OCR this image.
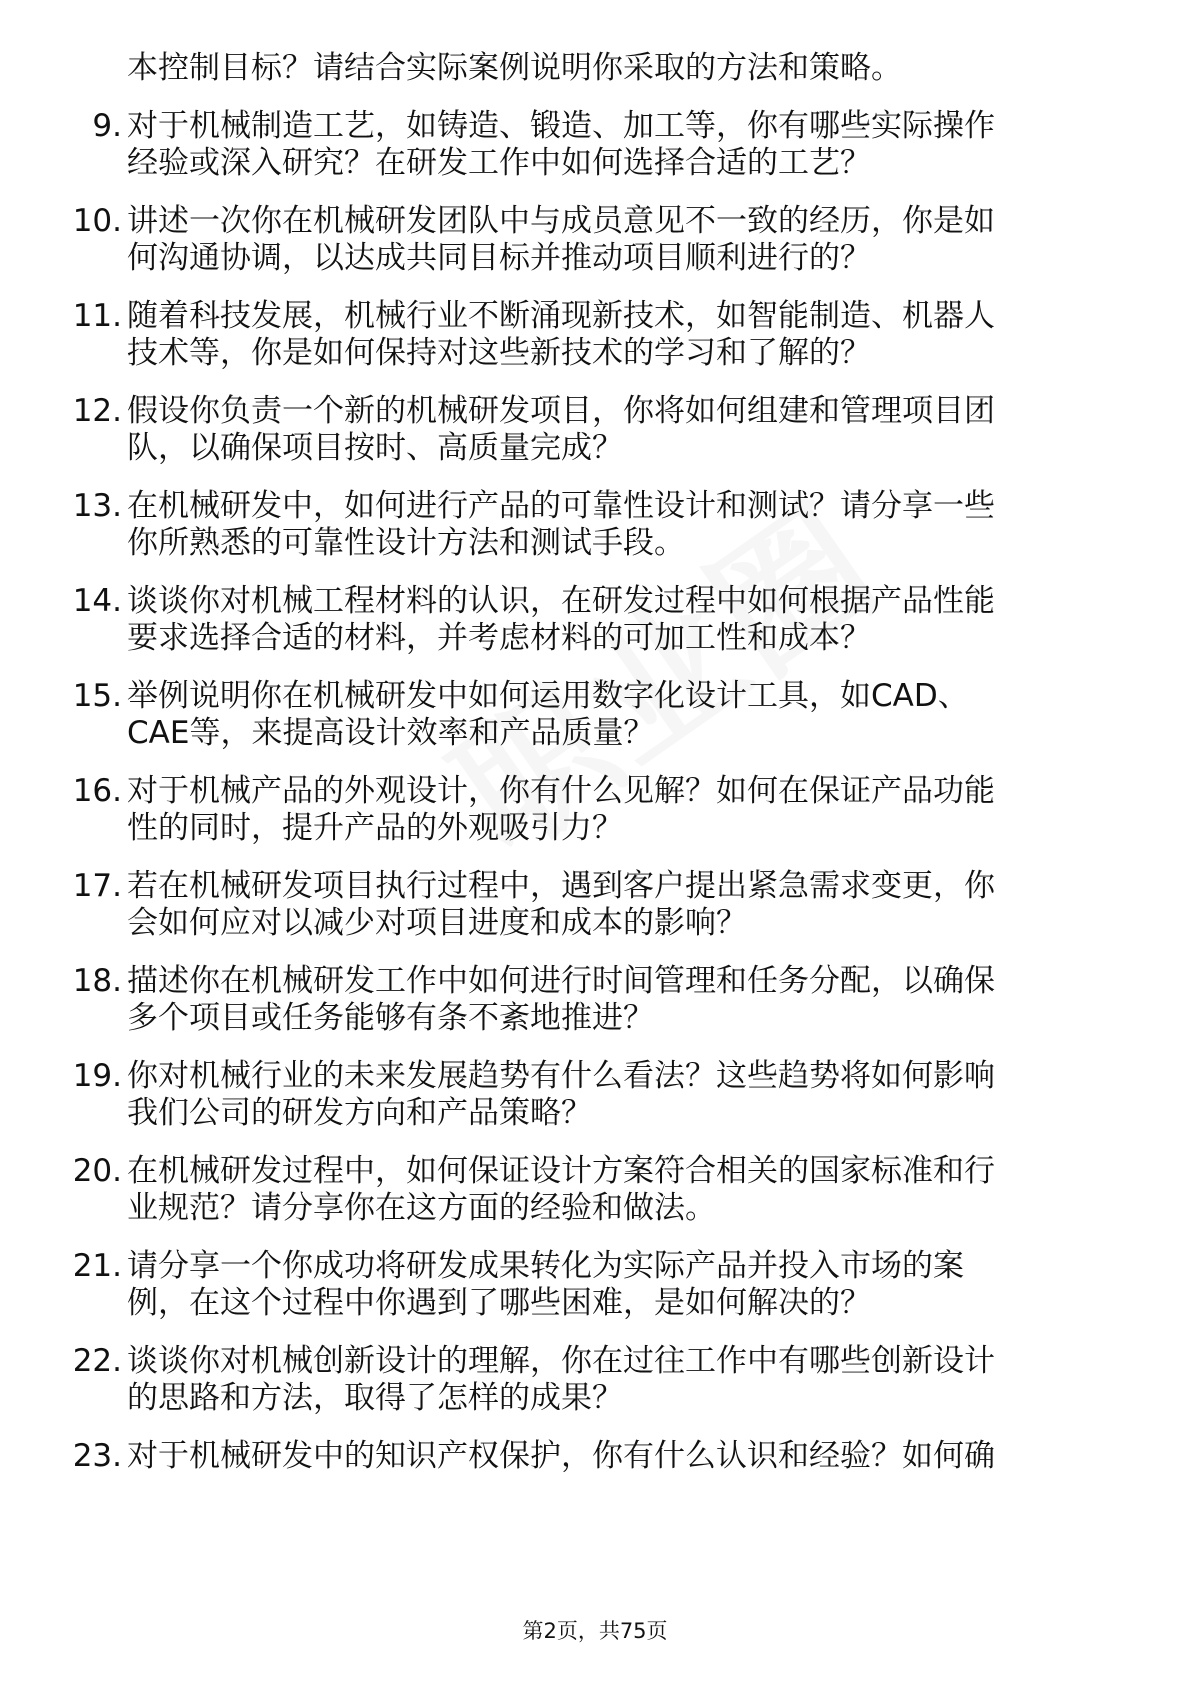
本控制目标？请结合实际案例说明你采取的方法和策略。
9. 对于机械制造工艺，如铸造、锻造、加工等，你有哪些实际操作
经验或深入研究？在研发工作中如何选择合适的工艺？
10. 讲述一次你在机械研发团队中与成员意见不一致的经历，你是如
何沟通协调，以达成共同目标并推动项目顺利进行的？
11. 随着科技发展，机械行业不断涌现新技术，如智能制造、机器人
技术等，你是如何保持对这些新技术的学习和了解的？
12. 假设你负责一个新的机械研发项目，你将如何组建和管理项目团
队，以确保项目按时、高质量完成？
13. 在机械研发中，如何进行产品的可靠性设计和测试？请分享一些
你所熟悉的可靠性设计方法和测试手段。
14. 谈谈你对机械工程材料的认识，在研发过程中如何根据产品性能
要求选择合适的材料，并考虑材料的可加工性和成本？
15. 举例说明你在机械研发中如何运用数字化设计工具，如CAD、
CAE等，来提高设计效率和产品质量？
16. 对于机械产品的外观设计，你有什么见解？如何在保证产品功能
性的同时，提升产品的外观吸引力？
17. 若在机械研发项目执行过程中，遇到客户提出紧急需求变更，你
会如何应对以减少对项目进度和成本的影响？
18. 描述你在机械研发工作中如何进行时间管理和任务分配，以确保
多个项目或任务能够有条不紊地推进？
19. 你对机械行业的未来发展趋势有什么看法？这些趋势将如何影响
我们公司的研发方向和产品策略？
20. 在机械研发过程中，如何保证设计方案符合相关的国家标准和行
业规范？请分享你在这方面的经验和做法。
21. 请分享一个你成功将研发成果转化为实际产品并投入市场的案
例，在这个过程中你遇到了哪些困难，是如何解决的？
22. 谈谈你对机械创新设计的理解，你在过往工作中有哪些创新设计
的思路和方法，取得了怎样的成果？
23. 对于机械研发中的知识产权保护，你有什么认识和经验？如何确
第2页，共75页
